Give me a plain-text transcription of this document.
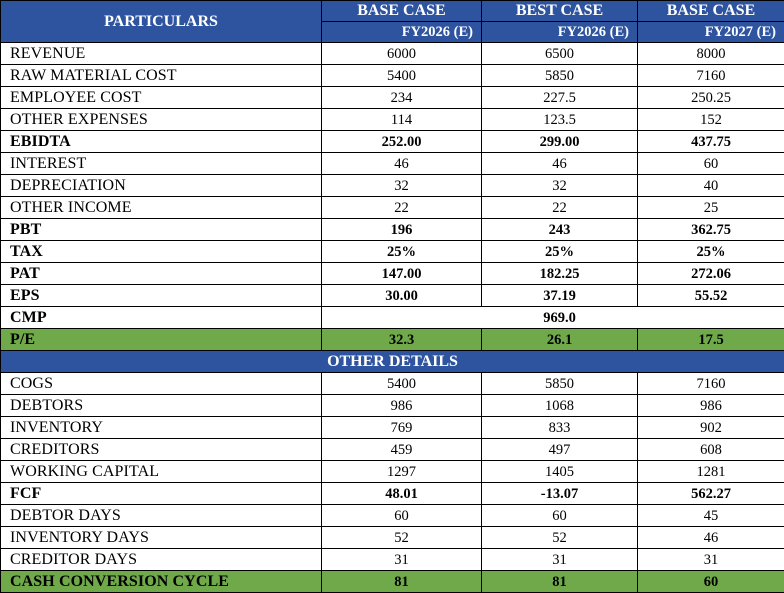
PARTICULARS	BASE CASE	BEST CASE	BASE CASE
	FY2026 (E)	FY2026 (E)	FY2027 (E)
REVENUE	6000	6500	8000
RAW MATERIAL COST	5400	5850	7160
EMPLOYEE COST	234	227.5	250.25
OTHER EXPENSES	114	123.5	152
EBIDTA	252.00	299.00	437.75
INTEREST	46	46	60
DEPRECIATION	32	32	40
OTHER INCOME	22	22	25
PBT	196	243	362.75
TAX	25%	25%	25%
PAT	147.00	182.25	272.06
EPS	30.00	37.19	55.52
CMP		969.0	
P/E	32.3	26.1	17.5
OTHER DETAILS			
COGS	5400	5850	7160
DEBTORS	986	1068	986
INVENTORY	769	833	902
CREDITORS	459	497	608
WORKING CAPITAL	1297	1405	1281
FCF	48.01	-13.07	562.27
DEBTOR DAYS	60	60	45
INVENTORY DAYS	52	52	46
CREDITOR DAYS	31	31	31
CASH CONVERSION CYCLE	81	81	60
